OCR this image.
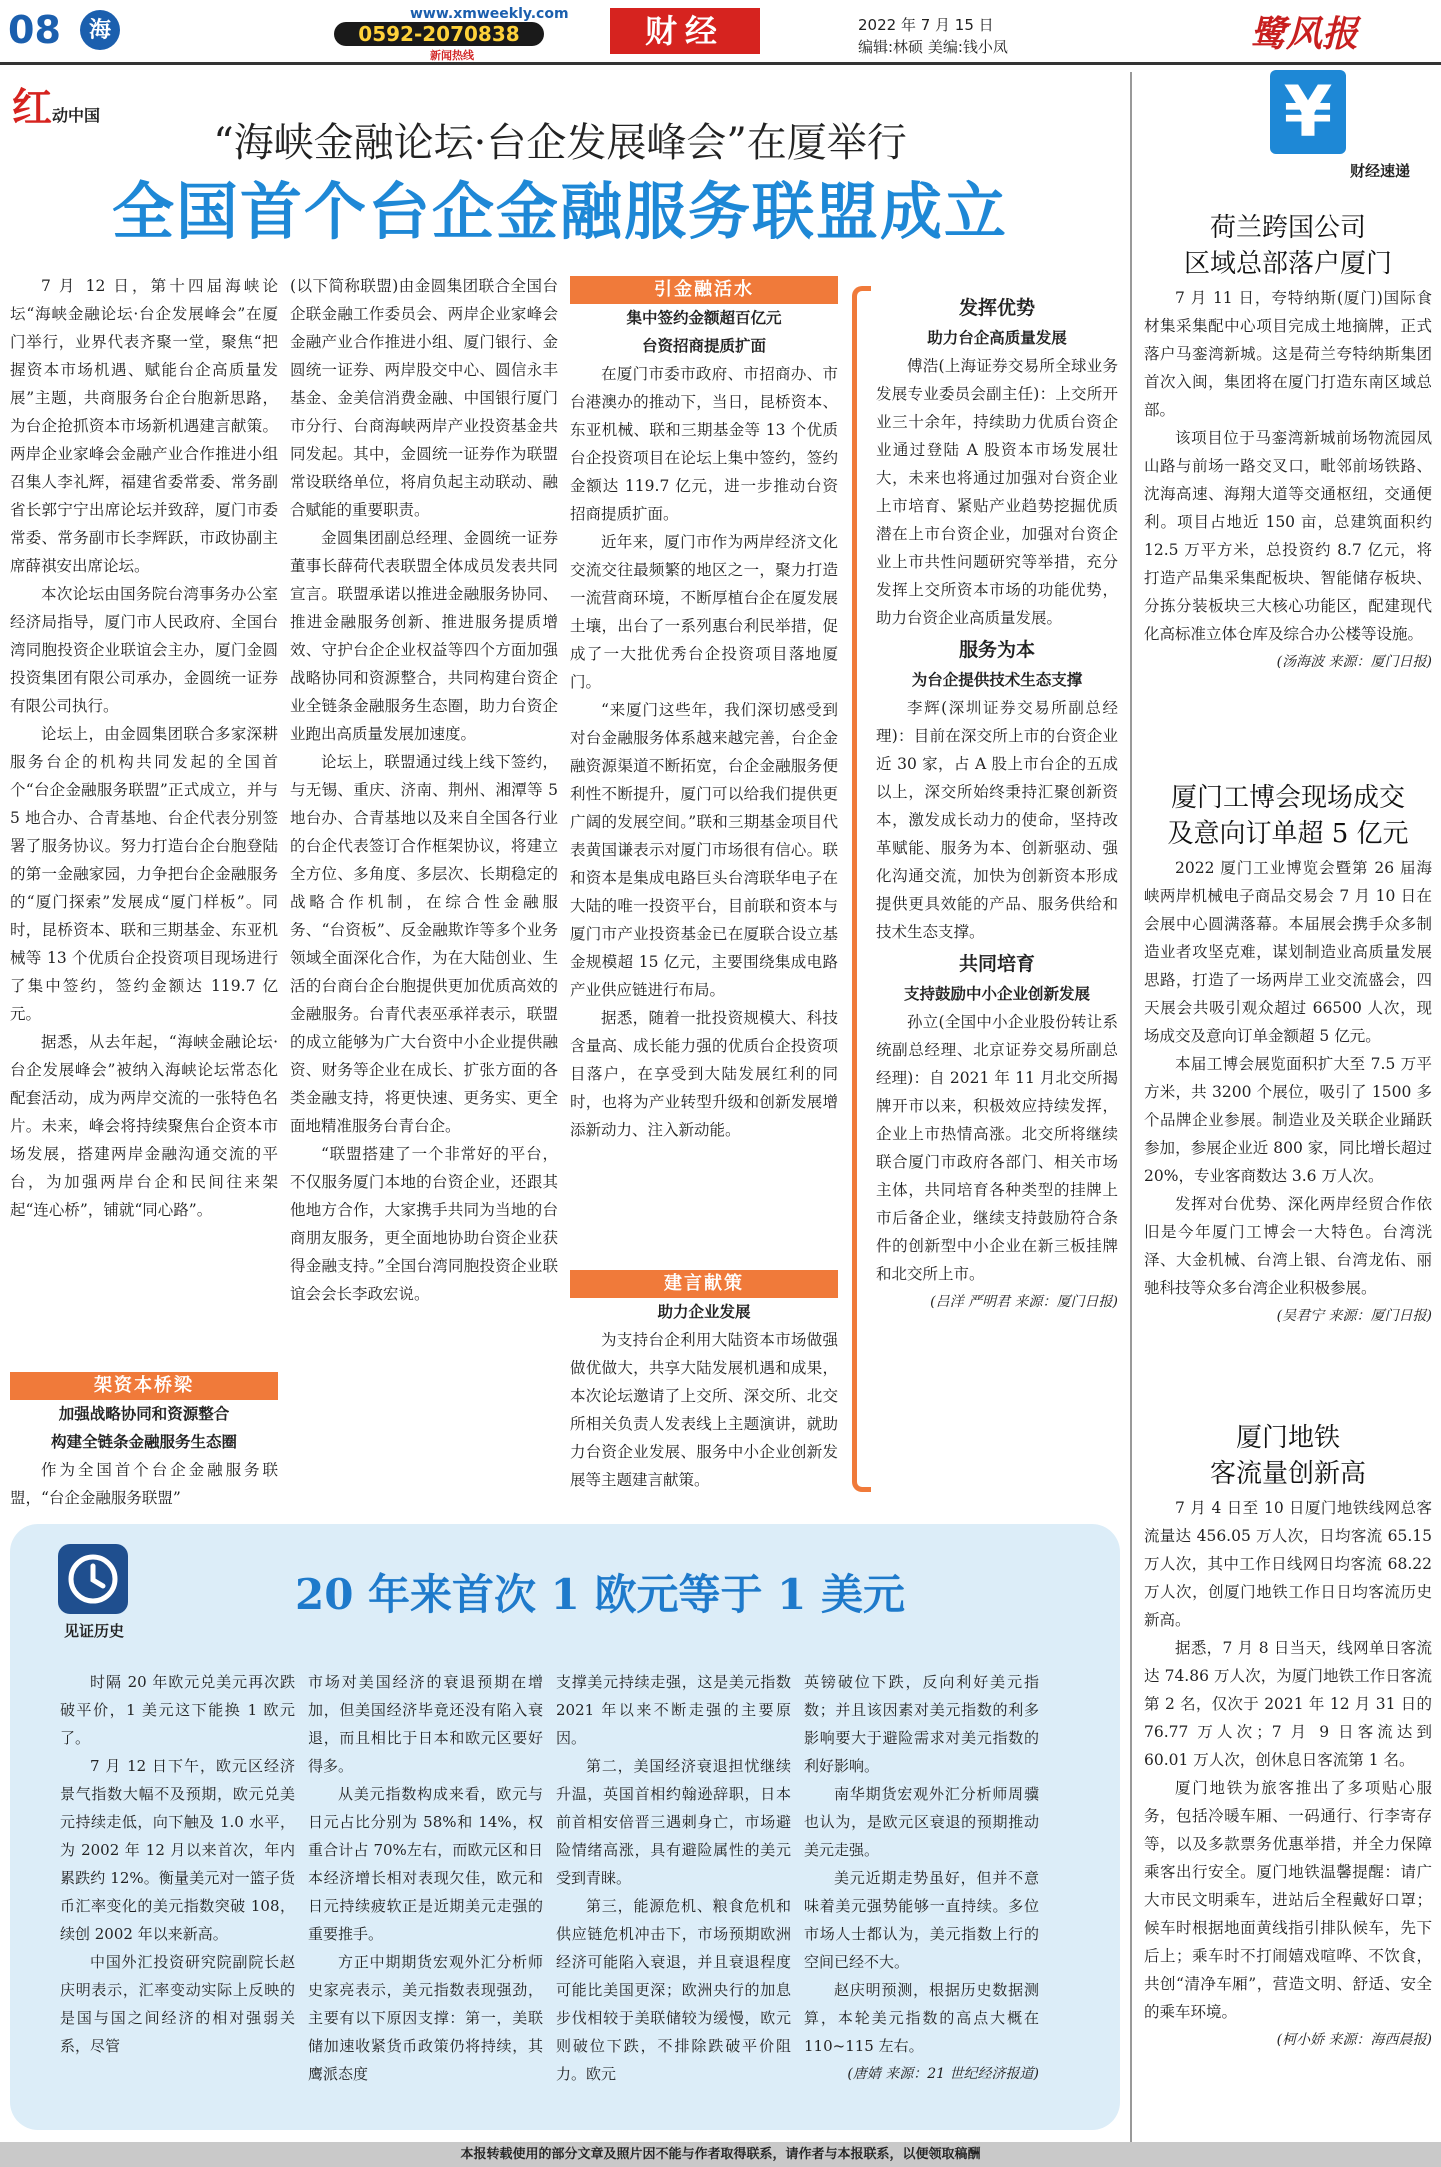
08	海
www.xmweekly.com
0592-2070838
新闻热线
财经	2022 年 7 月 15 日
编辑:林硕 美编:钱小凤	鹭风报
红动中国
“海峡金融论坛·台企发展峰会”在厦举行
全国首个台企金融服务联盟成立

7 月 12 日，第十四届海峡论坛“海峡金融论坛·台企发展峰会”在厦门举行，业界代表齐聚一堂，聚焦“把握资本市场机遇、赋能台企高质量发展”主题，共商服务台企台胞新思路，为台企抢抓资本市场新机遇建言献策。两岸企业家峰会金融产业合作推进小组召集人李礼辉，福建省委常委、常务副省长郭宁宁出席论坛并致辞，厦门市委常委、常务副市长李辉跃，市政协副主席薛祺安出席论坛。

本次论坛由国务院台湾事务办公室经济局指导，厦门市人民政府、全国台湾同胞投资企业联谊会主办，厦门金圆投资集团有限公司承办，金圆统一证券有限公司执行。

论坛上，由金圆集团联合多家深耕服务台企的机构共同发起的全国首个“台企金融服务联盟”正式成立，并与 5 地合办、合青基地、台企代表分别签署了服务协议。努力打造台企台胞登陆的第一金融家园，力争把台企金融服务的“厦门探索”发展成“厦门样板”。同时，昆桥资本、联和三期基金、东亚机械等 13 个优质台企投资项目现场进行了集中签约，签约金额达 119.7 亿元。

据悉，从去年起，“海峡金融论坛·台企发展峰会”被纳入海峡论坛常态化配套活动，成为两岸交流的一张特色名片。未来，峰会将持续聚焦台企资本市场发展，搭建两岸金融沟通交流的平台，为加强两岸台企和民间往来架起“连心桥”，铺就“同心路”。

架资本桥梁

加强战略协同和资源整合

构建全链条金融服务生态圈

作为全国首个台企金融服务联盟，“台企金融服务联盟”

(以下简称联盟)由金圆集团联合全国台企联金融工作委员会、两岸企业家峰会金融产业合作推进小组、厦门银行、金圆统一证券、两岸股交中心、圆信永丰基金、金美信消费金融、中国银行厦门市分行、台商海峡两岸产业投资基金共同发起。其中，金圆统一证券作为联盟常设联络单位，将肩负起主动联动、融合赋能的重要职责。

金圆集团副总经理、金圆统一证券董事长薛荷代表联盟全体成员发表共同宣言。联盟承诺以推进金融服务协同、推进金融服务创新、推进服务提质增效、守护台企企业权益等四个方面加强战略协同和资源整合，共同构建台资企业全链条金融服务生态圈，助力台资企业跑出高质量发展加速度。

论坛上，联盟通过线上线下签约，与无锡、重庆、济南、荆州、湘潭等 5 地台办、合青基地以及来自全国各行业的台企代表签订合作框架协议，将建立全方位、多角度、多层次、长期稳定的战略合作机制，在综合性金融服务、“台资板”、反金融欺诈等多个业务领域全面深化合作，为在大陆创业、生活的台商台企台胞提供更加优质高效的金融服务。台青代表巫承祥表示，联盟的成立能够为广大台资中小企业提供融资、财务等企业在成长、扩张方面的各类金融支持，将更快速、更务实、更全面地精准服务台青台企。

“联盟搭建了一个非常好的平台，不仅服务厦门本地的台资企业，还跟其他地方合作，大家携手共同为当地的台商朋友服务，更全面地协助台资企业获得金融支持。”全国台湾同胞投资企业联谊会会长李政宏说。

引金融活水

集中签约金额超百亿元

台资招商提质扩面

在厦门市委市政府、市招商办、市台港澳办的推动下，当日，昆桥资本、东亚机械、联和三期基金等 13 个优质台企投资项目在论坛上集中签约，签约金额达 119.7 亿元，进一步推动台资招商提质扩面。

近年来，厦门市作为两岸经济文化交流交往最频繁的地区之一，聚力打造一流营商环境，不断厚植台企在厦发展土壤，出台了一系列惠台利民举措，促成了一大批优秀台企投资项目落地厦门。

“来厦门这些年，我们深切感受到对台金融服务体系越来越完善，台企金融资源渠道不断拓宽，台企金融服务便利性不断提升，厦门可以给我们提供更广阔的发展空间。”联和三期基金项目代表黄国谦表示对厦门市场很有信心。联和资本是集成电路巨头台湾联华电子在大陆的唯一投资平台，目前联和资本与厦门市产业投资基金已在厦联合设立基金规模超 15 亿元，主要围绕集成电路产业供应链进行布局。

据悉，随着一批投资规模大、科技含量高、成长能力强的优质台企投资项目落户，在享受到大陆发展红利的同时，也将为产业转型升级和创新发展增添新动力、注入新动能。

建言献策

助力企业发展

为支持台企利用大陆资本市场做强做优做大，共享大陆发展机遇和成果，本次论坛邀请了上交所、深交所、北交所相关负责人发表线上主题演讲，就助力台资企业发展、服务中小企业创新发展等主题建言献策。

发挥优势

助力台企高质量发展

傅浩(上海证券交易所全球业务发展专业委员会副主任)：上交所开业三十余年，持续助力优质台资企业通过登陆 A 股资本市场发展壮大，未来也将通过加强对台资企业上市培育、紧贴产业趋势挖掘优质潜在上市台资企业，加强对台资企业上市共性问题研究等举措，充分发挥上交所资本市场的功能优势，助力台资企业高质量发展。

服务为本

为台企提供技术生态支撑

李辉(深圳证券交易所副总经理)：目前在深交所上市的台资企业近 30 家，占 A 股上市台企的五成以上，深交所始终秉持汇聚创新资本，激发成长动力的使命，坚持改革赋能、服务为本、创新驱动、强化沟通交流，加快为创新资本形成提供更具效能的产品、服务供给和技术生态支撑。

共同培育

支持鼓励中小企业创新发展

孙立(全国中小企业股份转让系统副总经理、北京证券交易所副总经理)：自 2021 年 11 月北交所揭牌开市以来，积极效应持续发挥，企业上市热情高涨。北交所将继续联合厦门市政府各部门、相关市场主体，共同培育各种类型的挂牌上市后备企业，继续支持鼓励符合条件的创新型中小企业在新三板挂牌和北交所上市。

(吕洋 严明君 来源：厦门日报)

¥
财经速递
荷兰跨国公司
区域总部落户厦门

7 月 11 日，夸特纳斯(厦门)国际食材集采集配中心项目完成土地摘牌，正式落户马銮湾新城。这是荷兰夸特纳斯集团首次入闽，集团将在厦门打造东南区域总部。

该项目位于马銮湾新城前场物流园凤山路与前场一路交叉口，毗邻前场铁路、沈海高速、海翔大道等交通枢纽，交通便利。项目占地近 150 亩，总建筑面积约 12.5 万平方米，总投资约 8.7 亿元，将打造产品集采集配板块、智能储存板块、分拣分装板块三大核心功能区，配建现代化高标准立体仓库及综合办公楼等设施。

(汤海波 来源：厦门日报)

厦门工博会现场成交
及意向订单超 5 亿元

2022 厦门工业博览会暨第 26 届海峡两岸机械电子商品交易会 7 月 10 日在会展中心圆满落幕。本届展会携手众多制造业者攻坚克难，谋划制造业高质量发展思路，打造了一场两岸工业交流盛会，四天展会共吸引观众超过 66500 人次，现场成交及意向订单金额超 5 亿元。

本届工博会展览面积扩大至 7.5 万平方米，共 3200 个展位，吸引了 1500 多个品牌企业参展。制造业及关联企业踊跃参加，参展企业近 800 家，同比增长超过 20%，专业客商数达 3.6 万人次。

发挥对台优势、深化两岸经贸合作依旧是今年厦门工博会一大特色。台湾洸泽、大金机械、台湾上银、台湾龙佑、丽驰科技等众多台湾企业积极参展。

(吴君宁 来源：厦门日报)

厦门地铁
客流量创新高

7 月 4 日至 10 日厦门地铁线网总客流量达 456.05 万人次，日均客流 65.15 万人次，其中工作日线网日均客流 68.22 万人次，创厦门地铁工作日日均客流历史新高。

据悉，7 月 8 日当天，线网单日客流达 74.86 万人次，为厦门地铁工作日客流第 2 名，仅次于 2021 年 12 月 31 日的 76.77 万人次；7 月 9 日客流达到 60.01 万人次，创休息日客流第 1 名。

厦门地铁为旅客推出了多项贴心服务，包括冷暖车厢、一码通行、行李寄存等，以及多款票务优惠举措，并全力保障乘客出行安全。厦门地铁温馨提醒：请广大市民文明乘车，进站后全程戴好口罩；候车时根据地面黄线指引排队候车，先下后上；乘车时不打闹嬉戏喧哗、不饮食，共创“清净车厢”，营造文明、舒适、安全的乘车环境。

(柯小娇 来源：海西晨报)

见证历史
20 年来首次 1 欧元等于 1 美元

时隔 20 年欧元兑美元再次跌破平价，1 美元这下能换 1 欧元了。

7 月 12 日下午，欧元区经济景气指数大幅不及预期，欧元兑美元持续走低，向下触及 1.0 水平，为 2002 年 12 月以来首次，年内累跌约 12%。衡量美元对一篮子货币汇率变化的美元指数突破 108，续创 2002 年以来新高。

中国外汇投资研究院副院长赵庆明表示，汇率变动实际上反映的是国与国之间经济的相对强弱关系，尽管

市场对美国经济的衰退预期在增加，但美国经济毕竟还没有陷入衰退，而且相比于日本和欧元区要好得多。

从美元指数构成来看，欧元与日元占比分别为 58%和 14%，权重合计占 70%左右，而欧元区和日本经济增长相对表现欠佳，欧元和日元持续疲软正是近期美元走强的重要推手。

方正中期期货宏观外汇分析师史家亮表示，美元指数表现强劲，主要有以下原因支撑：第一，美联储加速收紧货币政策仍将持续，其鹰派态度

支撑美元持续走强，这是美元指数 2021 年以来不断走强的主要原因。

第二，美国经济衰退担忧继续升温，英国首相约翰逊辞职，日本前首相安倍晋三遇刺身亡，市场避险情绪高涨，具有避险属性的美元受到青睐。

第三，能源危机、粮食危机和供应链危机冲击下，市场预期欧洲经济可能陷入衰退，并且衰退程度可能比美国更深；欧洲央行的加息步伐相较于美联储较为缓慢，欧元则破位下跌，不排除跌破平价阻力。欧元

英镑破位下跌，反向利好美元指数；并且该因素对美元指数的利多影响要大于避险需求对美元指数的利好影响。

南华期货宏观外汇分析师周骥也认为，是欧元区衰退的预期推动美元走强。

美元近期走势虽好，但并不意味着美元强势能够一直持续。多位市场人士都认为，美元指数上行的空间已经不大。

赵庆明预测，根据历史数据测算，本轮美元指数的高点大概在 110~115 左右。

(唐婧 来源：21 世纪经济报道)

本报转载使用的部分文章及照片因不能与作者取得联系，请作者与本报联系，以便领取稿酬
